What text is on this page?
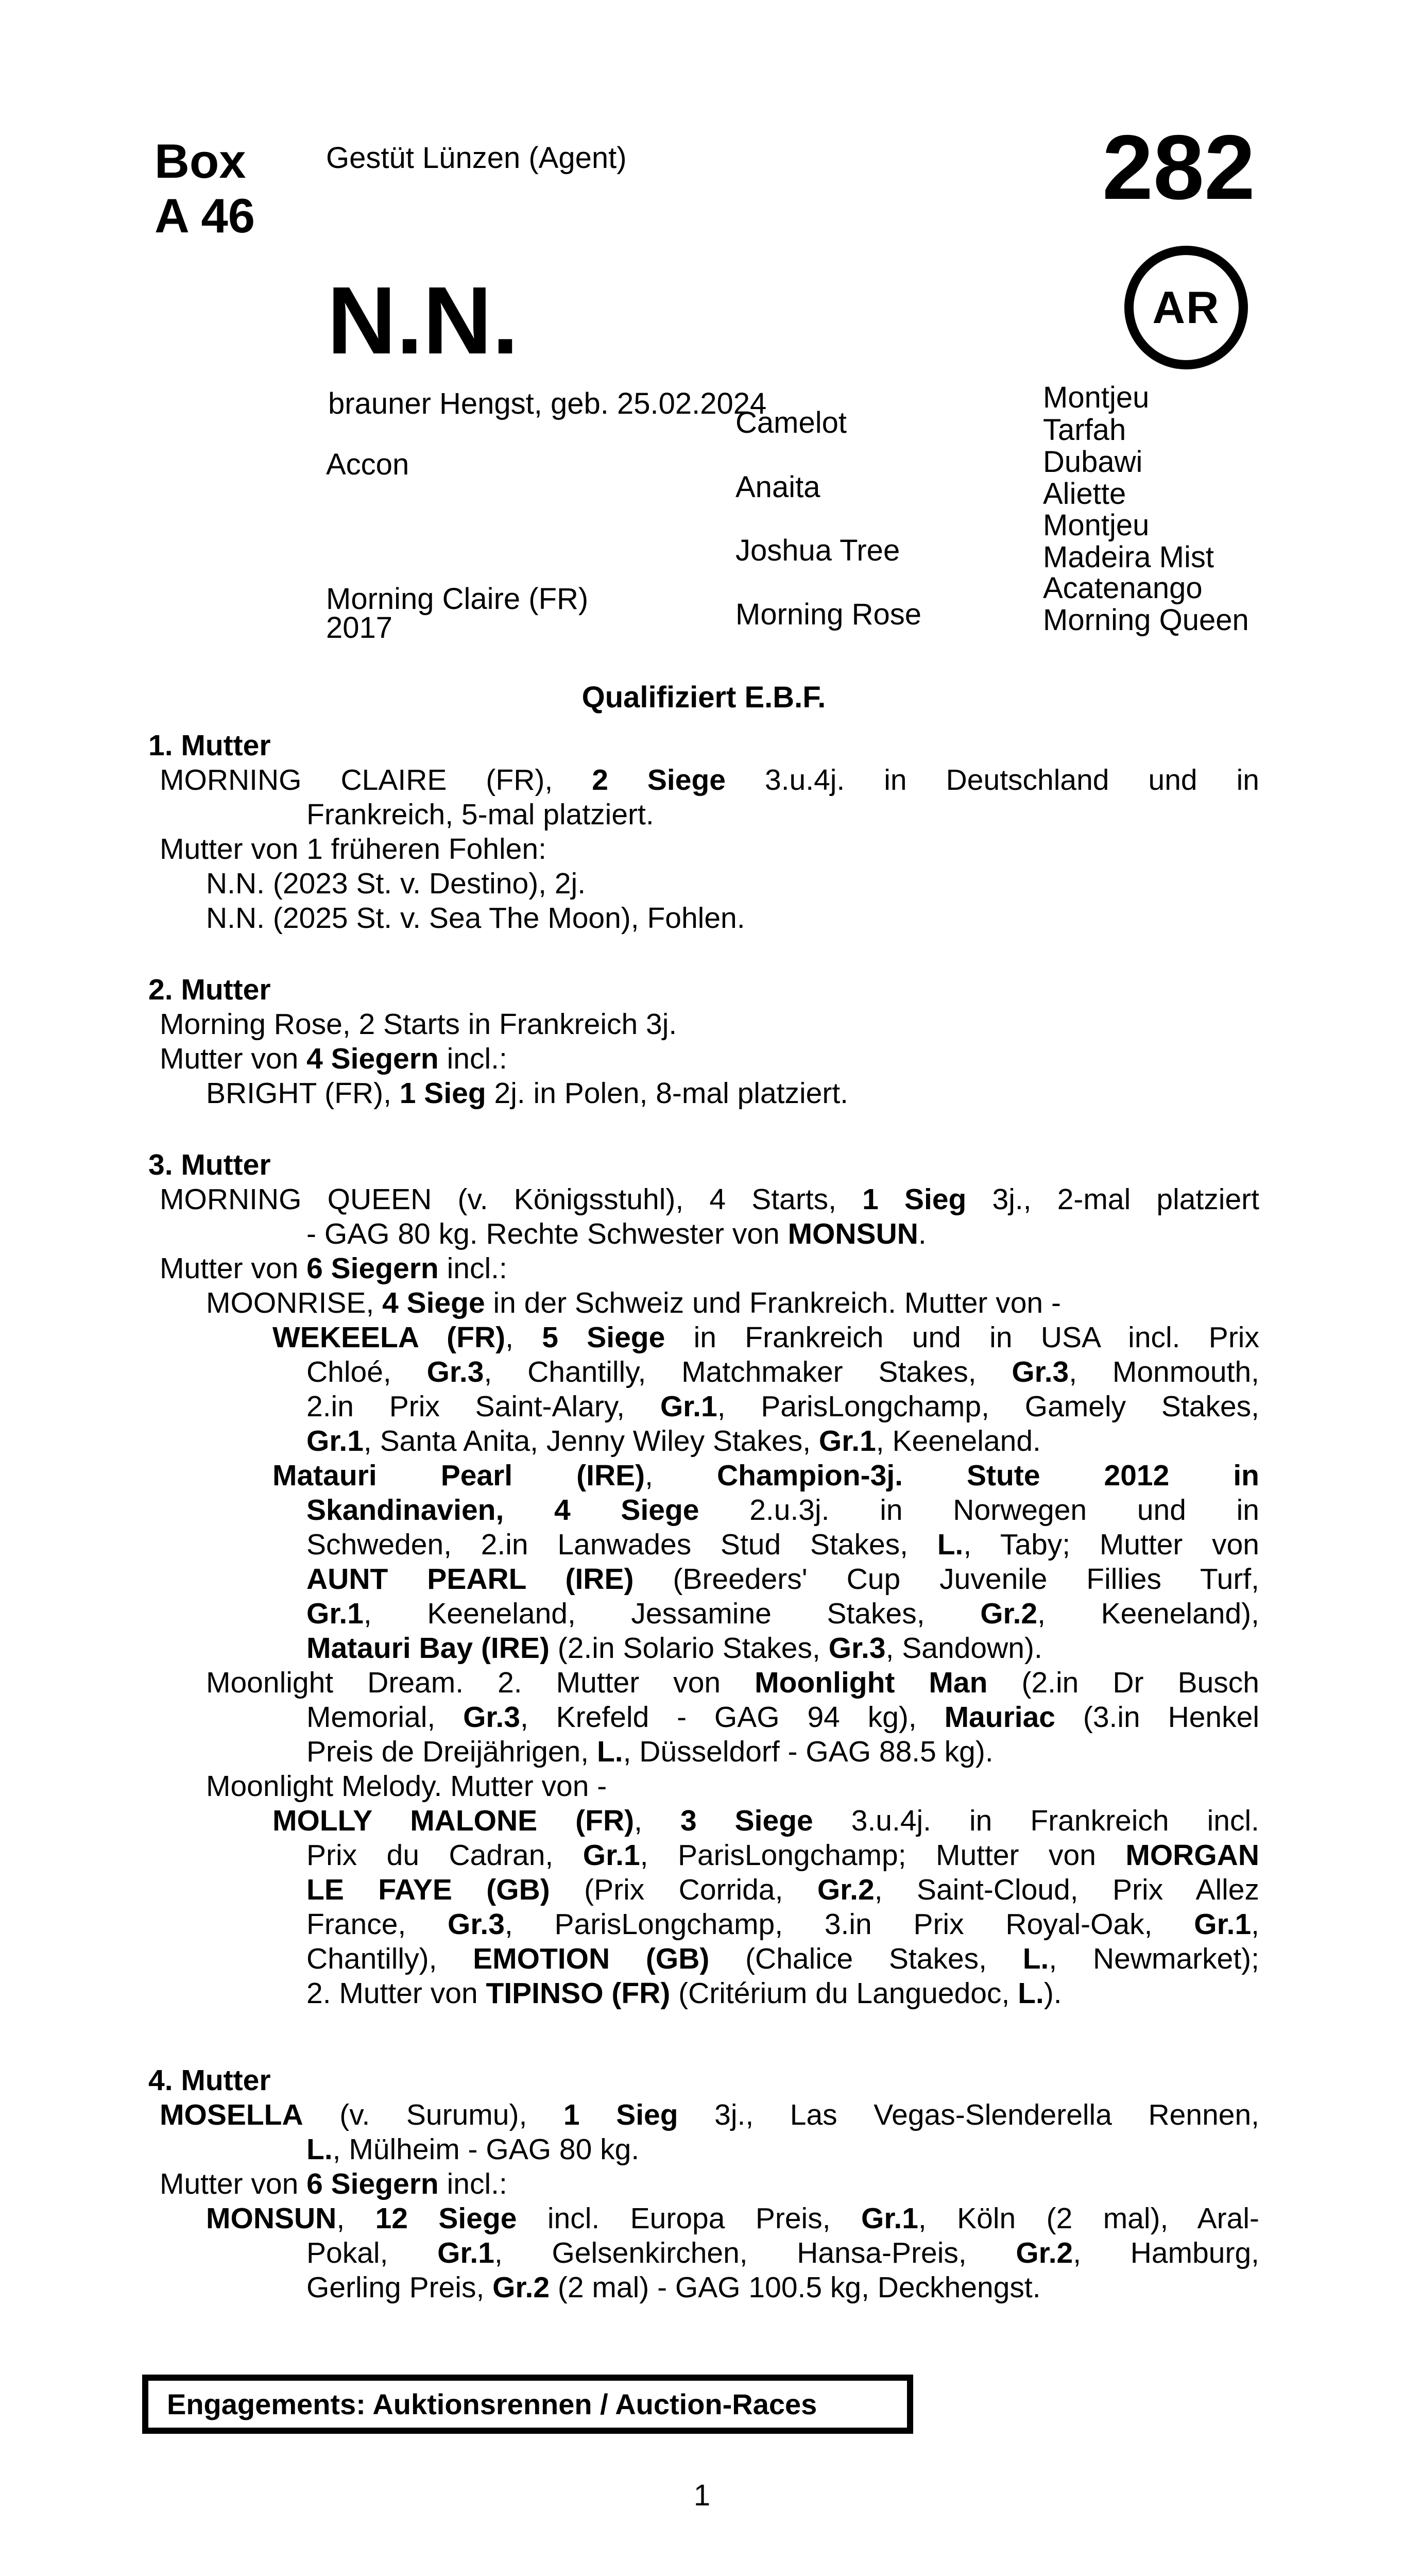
Box
A 46
Gestüt Lünzen (Agent)	282
N.N.	AR
brauner Hengst, geb. 25.02.2024
Accon
Morning Claire (FR)
2017
Camelot
Anaita
Joshua Tree
Morning Rose
Montjeu
Tarfah
Dubawi
Aliette
Montjeu
Madeira Mist
Acatenango
Morning Queen
Qualifiziert E.B.F.
1. Mutter
MORNING CLAIRE (FR), 2 Siege 3.u.4j. in Deutschland und in
Frankreich, 5-mal platziert.
Mutter von 1 früheren Fohlen:
N.N. (2023 St. v. Destino), 2j.
N.N. (2025 St. v. Sea The Moon), Fohlen.
2. Mutter
Morning Rose, 2 Starts in Frankreich 3j.
Mutter von 4 Siegern incl.:
BRIGHT (FR), 1 Sieg 2j. in Polen, 8-mal platziert.
3. Mutter
MORNING QUEEN (v. Königsstuhl), 4 Starts, 1 Sieg 3j., 2-mal platziert
- GAG 80 kg. Rechte Schwester von MONSUN.
Mutter von 6 Siegern incl.:
MOONRISE, 4 Siege in der Schweiz und Frankreich. Mutter von -
WEKEELA (FR), 5 Siege in Frankreich und in USA incl. Prix
Chloé, Gr.3, Chantilly, Matchmaker Stakes, Gr.3, Monmouth,
2.in Prix Saint-Alary, Gr.1, ParisLongchamp, Gamely Stakes,
Gr.1, Santa Anita, Jenny Wiley Stakes, Gr.1, Keeneland.
Matauri Pearl (IRE), Champion-3j. Stute 2012 in
Skandinavien, 4 Siege 2.u.3j. in Norwegen und in
Schweden, 2.in Lanwades Stud Stakes, L., Taby; Mutter von
AUNT PEARL (IRE) (Breeders' Cup Juvenile Fillies Turf,
Gr.1, Keeneland, Jessamine Stakes, Gr.2, Keeneland),
Matauri Bay (IRE) (2.in Solario Stakes, Gr.3, Sandown).
Moonlight Dream. 2. Mutter von Moonlight Man (2.in Dr Busch
Memorial, Gr.3, Krefeld - GAG 94 kg), Mauriac (3.in Henkel
Preis de Dreijährigen, L., Düsseldorf - GAG 88.5 kg).
Moonlight Melody. Mutter von -
MOLLY MALONE (FR), 3 Siege 3.u.4j. in Frankreich incl.
Prix du Cadran, Gr.1, ParisLongchamp; Mutter von MORGAN
LE FAYE (GB) (Prix Corrida, Gr.2, Saint-Cloud, Prix Allez
France, Gr.3, ParisLongchamp, 3.in Prix Royal-Oak, Gr.1,
Chantilly), EMOTION (GB) (Chalice Stakes, L., Newmarket);
2. Mutter von TIPINSO (FR) (Critérium du Languedoc, L.).
4. Mutter
MOSELLA (v. Surumu), 1 Sieg 3j., Las Vegas-Slenderella Rennen,
L., Mülheim - GAG 80 kg.
Mutter von 6 Siegern incl.:
MONSUN, 12 Siege incl. Europa Preis, Gr.1, Köln (2 mal), Aral-
Pokal, Gr.1, Gelsenkirchen, Hansa-Preis, Gr.2, Hamburg,
Gerling Preis, Gr.2 (2 mal) - GAG 100.5 kg, Deckhengst.
Engagements: Auktionsrennen / Auction-Races
1
